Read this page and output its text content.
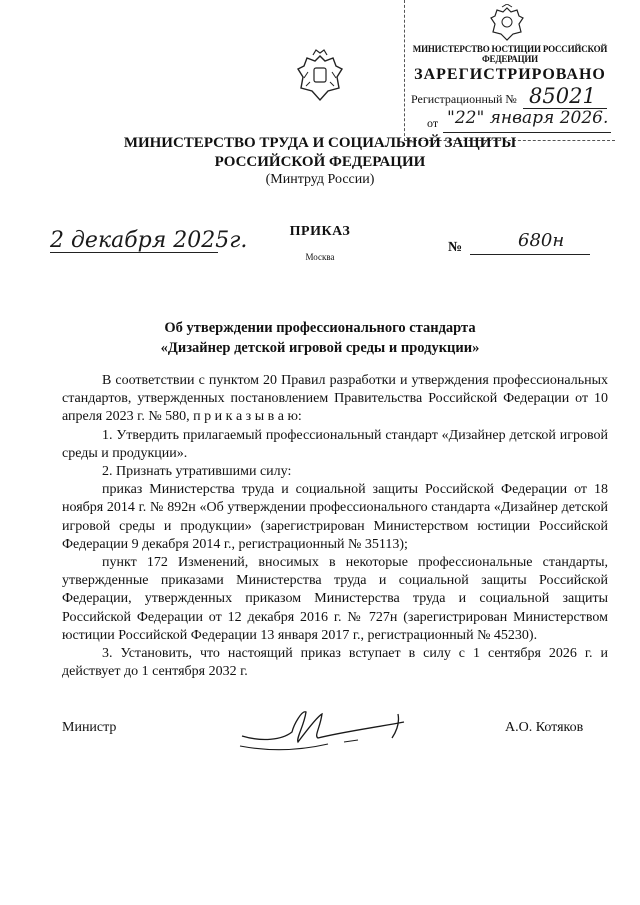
МИНИСТЕРСТВО ЮСТИЦИИ РОССИЙСКОЙ ФЕДЕРАЦИИ
ЗАРЕГИСТРИРОВАНО
Регистрационный № 85021
от "22" января 2026.
МИНИСТЕРСТВО ТРУДА И СОЦИАЛЬНОЙ ЗАЩИТЫ
РОССИЙСКОЙ ФЕДЕРАЦИИ
(Минтруд России)
ПРИКАЗ
Москва
2 декабря 2025г.	№	680н
Об утверждении профессионального стандарта
«Дизайнер детской игровой среды и продукции»

В соответствии с пунктом 20 Правил разработки и утверждения профессиональных стандартов, утвержденных постановлением Правительства Российской Федерации от 10 апреля 2023 г. № 580, п р и к а з ы в а ю:

1. Утвердить прилагаемый профессиональный стандарт «Дизайнер детской игровой среды и продукции».

2. Признать утратившими силу:

приказ Министерства труда и социальной защиты Российской Федерации от 18 ноября 2014 г. № 892н «Об утверждении профессионального стандарта «Дизайнер детской игровой среды и продукции» (зарегистрирован Министерством юстиции Российской Федерации 9 декабря 2014 г., регистрационный № 35113);

пункт 172 Изменений, вносимых в некоторые профессиональные стандарты, утвержденные приказами Министерства труда и социальной защиты Российской Федерации, утвержденных приказом Министерства труда и социальной защиты Российской Федерации от 12 декабря 2016 г. № 727н (зарегистрирован Министерством юстиции Российской Федерации 13 января 2017 г., регистрационный № 45230).

3. Установить, что настоящий приказ вступает в силу с 1 сентября 2026 г. и действует до 1 сентября 2032 г.

Министр	А.О. Котяков
